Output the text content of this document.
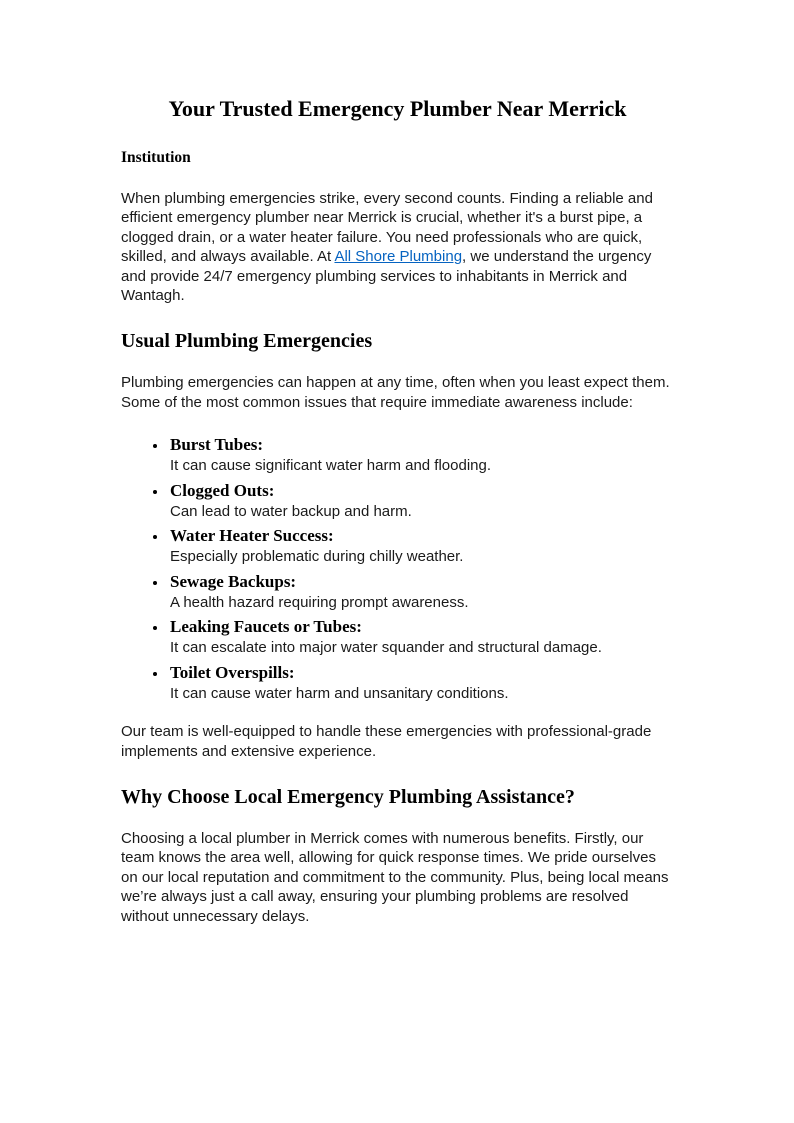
Your Trusted Emergency Plumber Near Merrick
Institution

When plumbing emergencies strike, every second counts. Finding a reliable and efficient emergency plumber near Merrick is crucial, whether it's a burst pipe, a clogged drain, or a water heater failure. You need professionals who are quick, skilled, and always available. At All Shore Plumbing, we understand the urgency and provide 24/7 emergency plumbing services to inhabitants in Merrick and Wantagh.

Usual Plumbing Emergencies

Plumbing emergencies can happen at any time, often when you least expect them. Some of the most common issues that require immediate awareness include:

• Burst Tubes:
It can cause significant water harm and flooding.
• Clogged Outs:
Can lead to water backup and harm.
• Water Heater Success:
Especially problematic during chilly weather.
• Sewage Backups:
A health hazard requiring prompt awareness.
• Leaking Faucets or Tubes:
It can escalate into major water squander and structural damage.
• Toilet Overspills:
It can cause water harm and unsanitary conditions.

Our team is well-equipped to handle these emergencies with professional-grade implements and extensive experience.

Why Choose Local Emergency Plumbing Assistance?

Choosing a local plumber in Merrick comes with numerous benefits. Firstly, our team knows the area well, allowing for quick response times. We pride ourselves on our local reputation and commitment to the community. Plus, being local means we’re always just a call away, ensuring your plumbing problems are resolved without unnecessary delays.
